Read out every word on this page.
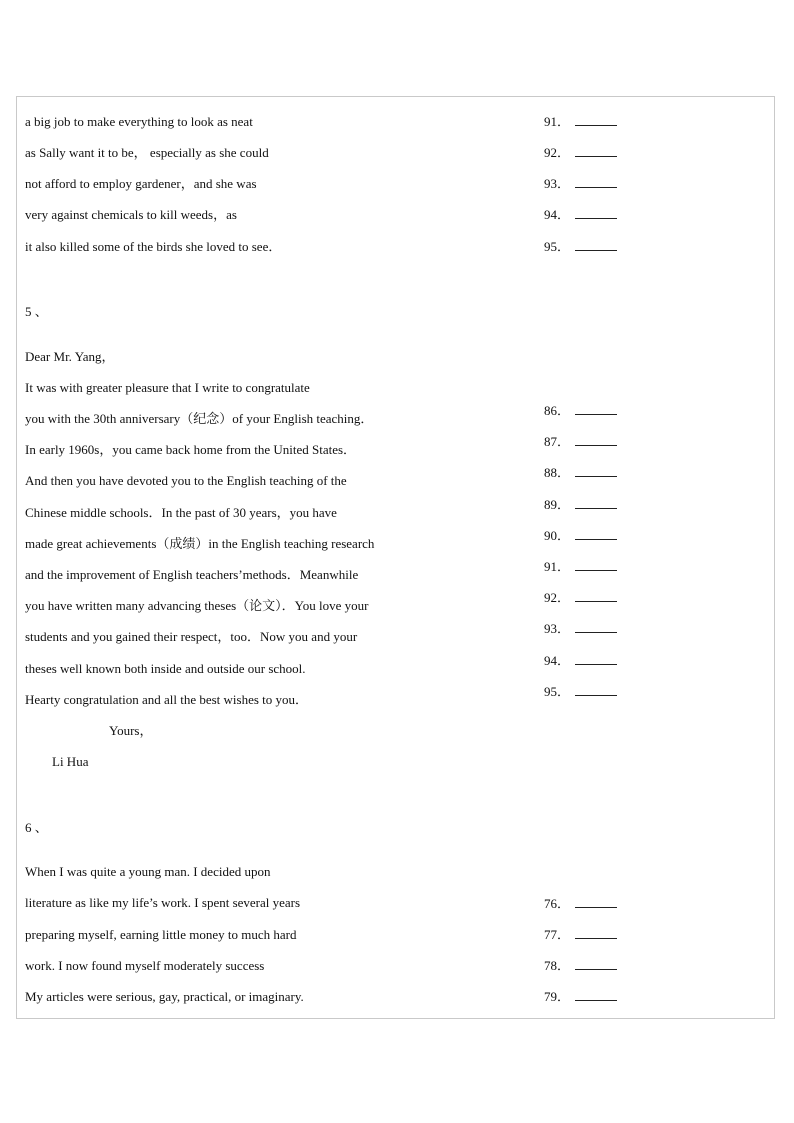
a big job to make everything to look as neat
as Sally want it to be， especially as she could
not afford to employ gardener，and she was
very against chemicals to kill weeds，as
it also killed some of the birds she loved to see．
91．
92．
93．
94．
95．
5 、
Dear Mr. Yang，
It was with greater pleasure that I write to congratulate
you with the 30th anniversary（纪念）of your English teaching．
In early 1960s，you came back home from the United States．
And then you have devoted you to the English teaching of the
Chinese middle schools．In the past of 30 years，you have
made great achievements（成绩）in the English teaching research
and the improvement of English teachers’methods．Meanwhile
you have written many advancing theses（论文）．You love your
students and you gained their respect，too．Now you and your
theses well known both inside and outside our school.
Hearty congratulation and all the best wishes to you．
Yours，
Li Hua
86．
87．
88．
89．
90．
91．
92．
93．
94．
95．
6 、
When I was quite a young man. I decided upon
literature as like my life’s work. I spent several years
preparing myself, earning little money to much hard
work. I now found myself moderately success
My articles were serious, gay, practical, or imaginary.
76．
77．
78．
79．
